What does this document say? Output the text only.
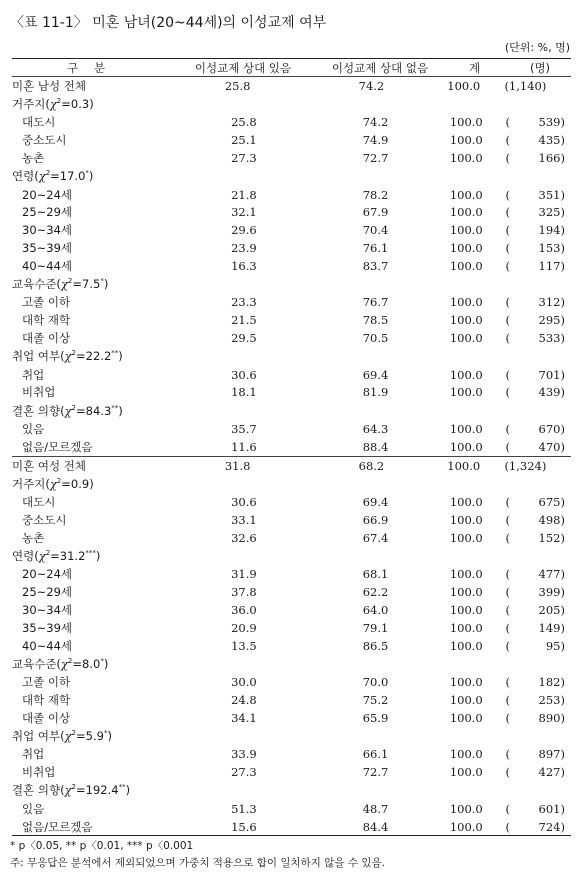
〈표 11-1〉 미혼 남녀(20~44세)의 이성교제 여부
(단위: %, 명)
구 분	이성교제 상대 있음	이성교제 상대 없음	계	(명)
미혼 남성 전체	25.8	74.2	100.0	(1,140)
거주지$(\chi^2=0.3)$
대도시	25.8	74.2	100.0	( 539)
중소도시	25.1	74.9	100.0	( 435)
농촌	27.3	72.7	100.0	( 166)
연령$(\chi^2=17.0^*)$
20~24세	21.8	78.2	100.0	( 351)
25~29세	32.1	67.9	100.0	( 325)
30~34세	29.6	70.4	100.0	( 194)
35~39세	23.9	76.1	100.0	( 153)
40~44세	16.3	83.7	100.0	( 117)
교육수준$(\chi^2=7.5^*)$
고졸 이하	23.3	76.7	100.0	( 312)
대학 재학	21.5	78.5	100.0	( 295)
대졸 이상	29.5	70.5	100.0	( 533)
취업 여부$(\chi^2=22.2^{**})$
취업	30.6	69.4	100.0	( 701)
비취업	18.1	81.9	100.0	( 439)
결혼 의향$(\chi^2=84.3^{**})$
있음	35.7	64.3	100.0	( 670)
없음/모르겠음	11.6	88.4	100.0	( 470)
미혼 여성 전체	31.8	68.2	100.0	(1,324)
거주지$(\chi^2=0.9)$
대도시	30.6	69.4	100.0	( 675)
중소도시	33.1	66.9	100.0	( 498)
농촌	32.6	67.4	100.0	( 152)
연령$(\chi^2=31.2^{***})$
20~24세	31.9	68.1	100.0	( 477)
25~29세	37.8	62.2	100.0	( 399)
30~34세	36.0	64.0	100.0	( 205)
35~39세	20.9	79.1	100.0	( 149)
40~44세	13.5	86.5	100.0	(	95)
교육수준$(\chi^2=8.0^*)$
고졸 이하	30.0	70.0	100.0	( 182)
대학 재학	24.8	75.2	100.0	( 253)
대졸 이상	34.1	65.9	100.0	( 890)
취업 여부$(\chi^2=5.9^*)$
취업	33.9	66.1	100.0	( 897)
비취업	27.3	72.7	100.0	( 427)
결혼 의향$(\chi^2=192.4^{**})$
있음	51.3	48.7	100.0	( 601)
없음/모르겠음	15.6	84.4	100.0	( 724)
* p〈0.05, ** p〈0.01, *** p〈0.001
주: 무응답은 분석에서 제외되었으며 가중치 적용으로 합이 일치하지 않을 수 있음.
